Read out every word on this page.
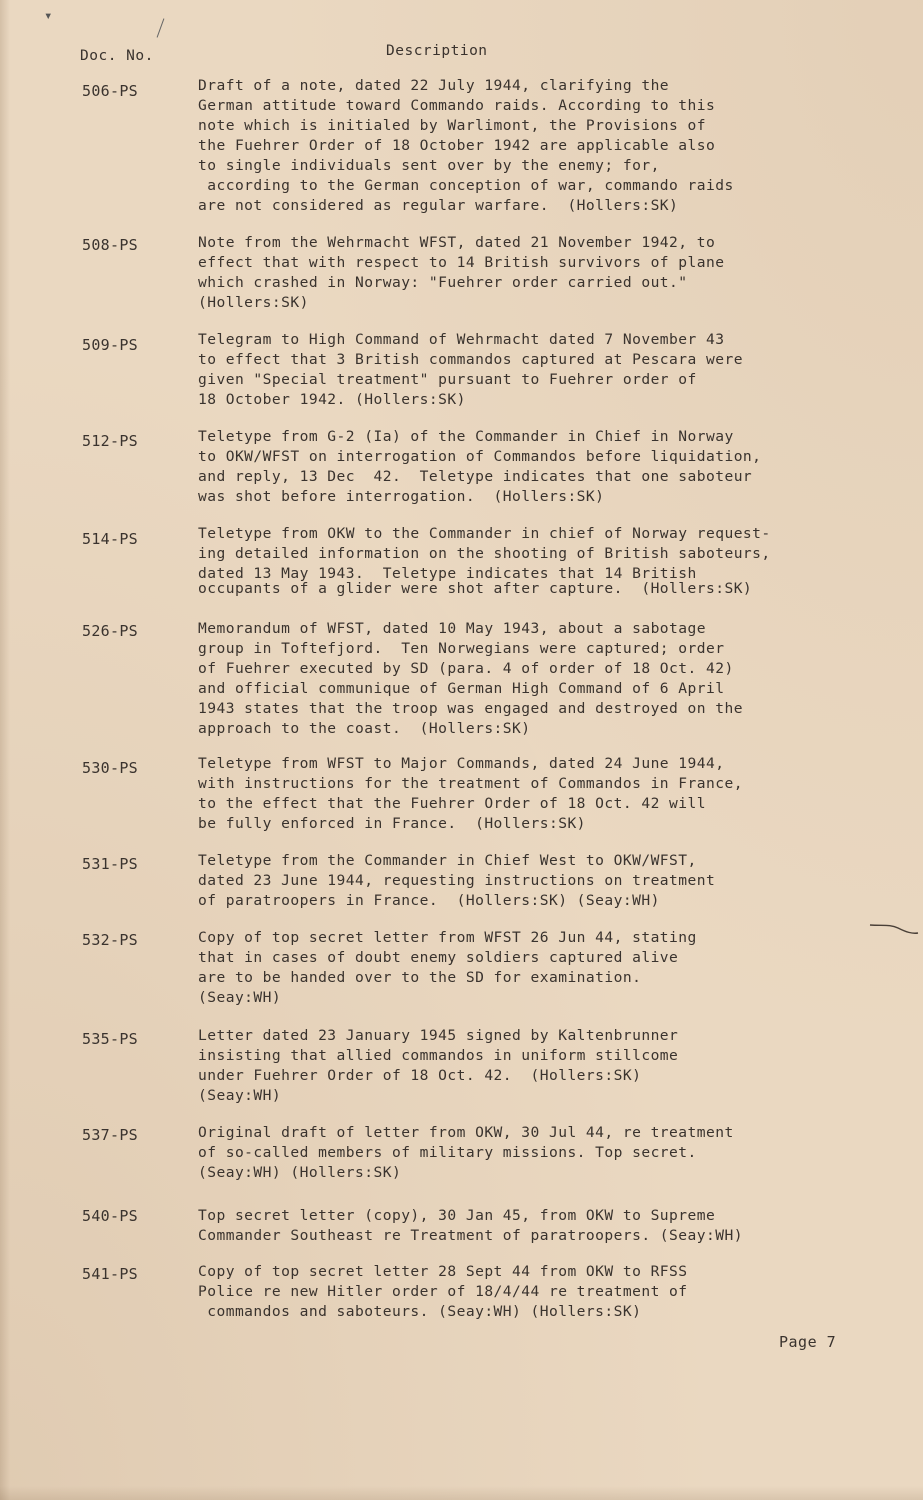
▾
Doc. No.	Description
506-PS	Draft of a note, dated 22 July 1944, clarifying the
German attitude toward Commando raids. According to this
note which is initialed by Warlimont, the Provisions of
the Fuehrer Order of 18 October 1942 are applicable also
to single individuals sent over by the enemy; for,
according to the German conception of war, commando raids
are not considered as regular warfare.  (Hollers:SK)
508-PS	Note from the Wehrmacht WFST, dated 21 November 1942, to
effect that with respect to 14 British survivors of plane
which crashed in Norway: "Fuehrer order carried out."
(Hollers:SK)
509-PS	Telegram to High Command of Wehrmacht dated 7 November 43
to effect that 3 British commandos captured at Pescara were
given "Special treatment" pursuant to Fuehrer order of
18 October 1942. (Hollers:SK)
512-PS	Teletype from G-2 (Ia) of the Commander in Chief in Norway
to OKW/WFST on interrogation of Commandos before liquidation,
and reply, 13 Dec  42.  Teletype indicates that one saboteur
was shot before interrogation.  (Hollers:SK)
514-PS	Teletype from OKW to the Commander in chief of Norway request-
ing detailed information on the shooting of British saboteurs,
dated 13 May 1943.  Teletype indicates that 14 British
occupants of a glider were shot after capture.  (Hollers:SK)
526-PS	Memorandum of WFST, dated 10 May 1943, about a sabotage
group in Toftefjord.  Ten Norwegians were captured; order
of Fuehrer executed by SD (para. 4 of order of 18 Oct. 42)
and official communique of German High Command of 6 April
1943 states that the troop was engaged and destroyed on the
approach to the coast.  (Hollers:SK)
530-PS	Teletype from WFST to Major Commands, dated 24 June 1944,
with instructions for the treatment of Commandos in France,
to the effect that the Fuehrer Order of 18 Oct. 42 will
be fully enforced in France.  (Hollers:SK)
531-PS	Teletype from the Commander in Chief West to OKW/WFST,
dated 23 June 1944, requesting instructions on treatment
of paratroopers in France.  (Hollers:SK) (Seay:WH)
532-PS	Copy of top secret letter from WFST 26 Jun 44, stating
that in cases of doubt enemy soldiers captured alive
are to be handed over to the SD for examination.
(Seay:WH)
535-PS	Letter dated 23 January 1945 signed by Kaltenbrunner
insisting that allied commandos in uniform stillcome
under Fuehrer Order of 18 Oct. 42.  (Hollers:SK)
(Seay:WH)
537-PS	Original draft of letter from OKW, 30 Jul 44, re treatment
of so-called members of military missions. Top secret.
(Seay:WH) (Hollers:SK)
540-PS	Top secret letter (copy), 30 Jan 45, from OKW to Supreme
Commander Southeast re Treatment of paratroopers. (Seay:WH)
541-PS	Copy of top secret letter 28 Sept 44 from OKW to RFSS
Police re new Hitler order of 18/4/44 re treatment of
commandos and saboteurs. (Seay:WH) (Hollers:SK)
Page 7
